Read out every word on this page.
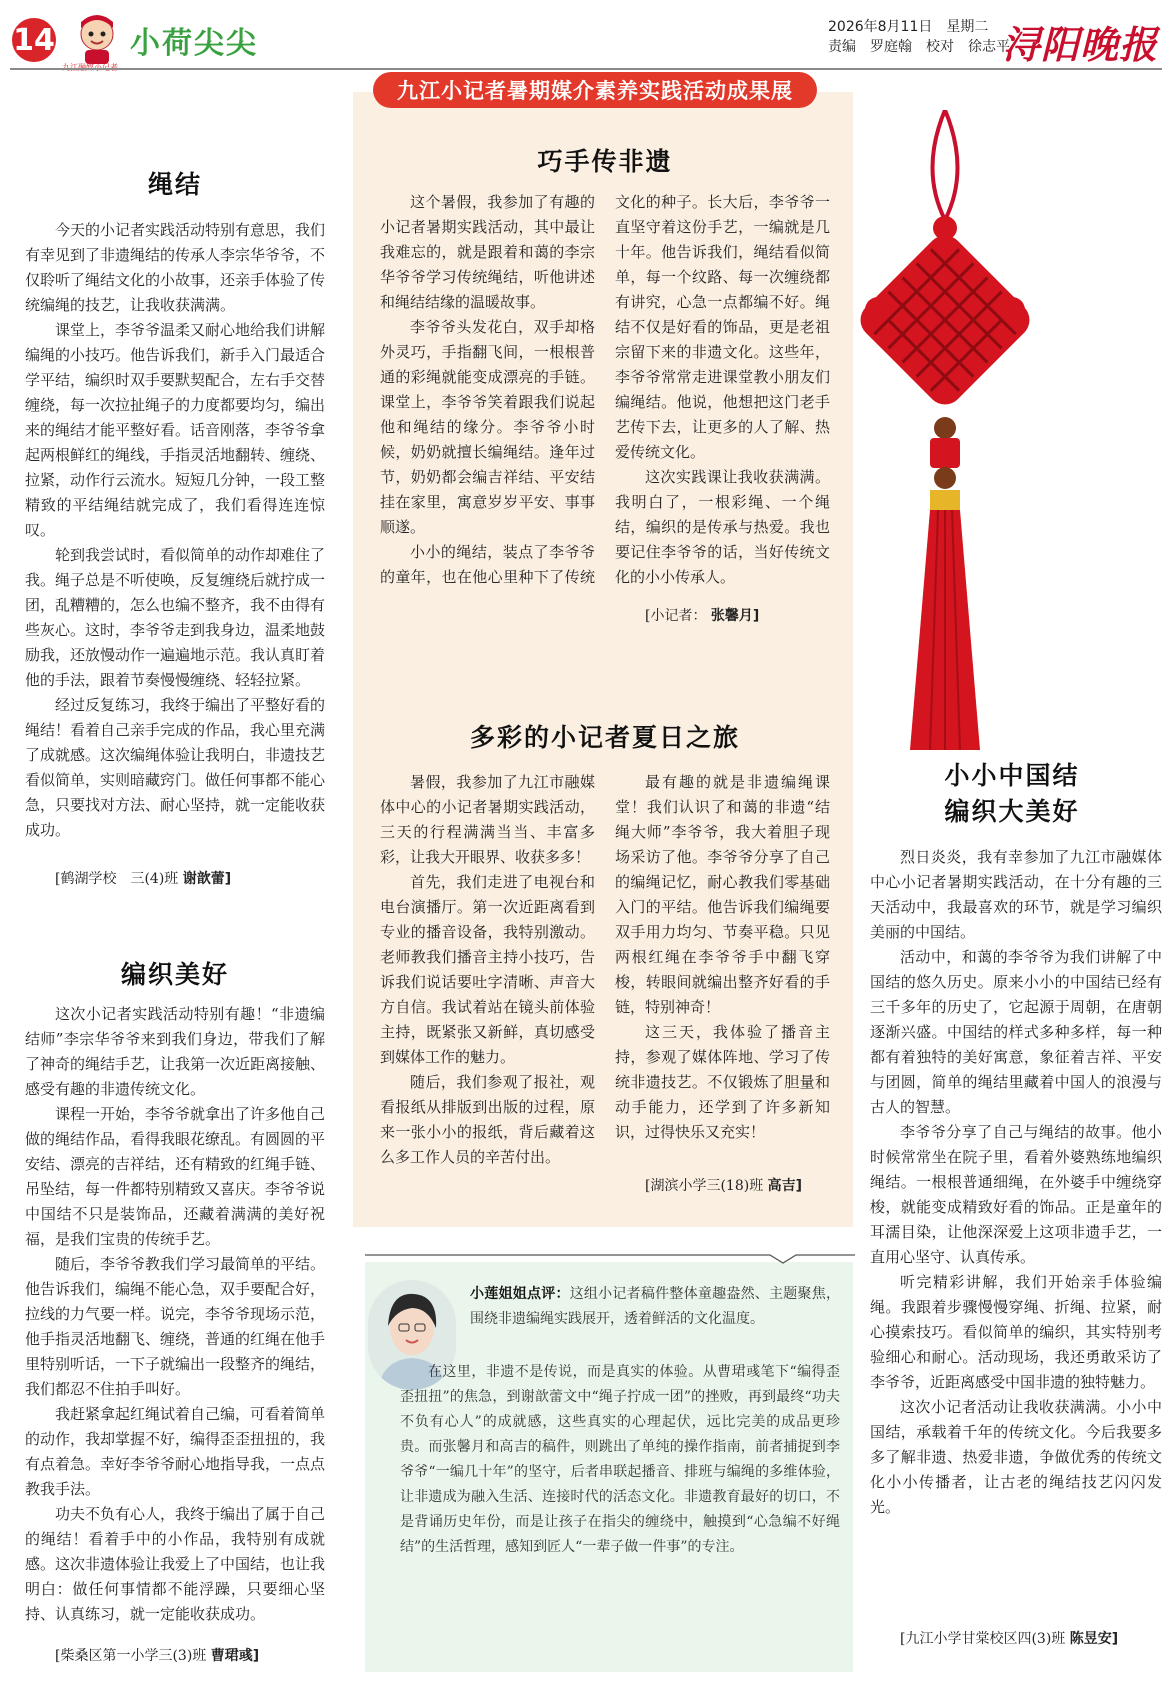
14	小荷尖尖	2026年8月11日　星期二
责编　罗庭翰　校对　徐志平
浔阳晚报
九江小记者暑期媒介素养实践活动成果展
绳结

今天的小记者实践活动特别有意思，我们有幸见到了非遗绳结的传承人李宗华爷爷，不仅聆听了绳结文化的小故事，还亲手体验了传统编绳的技艺，让我收获满满。

课堂上，李爷爷温柔又耐心地给我们讲解编绳的小技巧。他告诉我们，新手入门最适合学平结，编织时双手要默契配合，左右手交替缠绕，每一次拉扯绳子的力度都要均匀，编出来的绳结才能平整好看。话音刚落，李爷爷拿起两根鲜红的绳线，手指灵活地翻转、缠绕、拉紧，动作行云流水。短短几分钟，一段工整精致的平结绳结就完成了，我们看得连连惊叹。

轮到我尝试时，看似简单的动作却难住了我。绳子总是不听使唤，反复缠绕后就拧成一团，乱糟糟的，怎么也编不整齐，我不由得有些灰心。这时，李爷爷走到我身边，温柔地鼓励我，还放慢动作一遍遍地示范。我认真盯着他的手法，跟着节奏慢慢缠绕、轻轻拉紧。

经过反复练习，我终于编出了平整好看的绳结！看着自己亲手完成的作品，我心里充满了成就感。这次编绳体验让我明白，非遗技艺看似简单，实则暗藏窍门。做任何事都不能心急，只要找对方法、耐心坚持，就一定能收获成功。

[鹤湖学校　三(4)班 谢歆蕾]
编织美好

这次小记者实践活动特别有趣！“非遗编结师”李宗华爷爷来到我们身边，带我们了解了神奇的绳结手艺，让我第一次近距离接触、感受有趣的非遗传统文化。

课程一开始，李爷爷就拿出了许多他自己做的绳结作品，看得我眼花缭乱。有圆圆的平安结、漂亮的吉祥结，还有精致的红绳手链、吊坠结，每一件都特别精致又喜庆。李爷爷说中国结不只是装饰品，还藏着满满的美好祝福，是我们宝贵的传统手艺。

随后，李爷爷教我们学习最简单的平结。他告诉我们，编绳不能心急，双手要配合好，拉线的力气要一样。说完，李爷爷现场示范，他手指灵活地翻飞、缠绕，普通的红绳在他手里特别听话，一下子就编出一段整齐的绳结，我们都忍不住拍手叫好。

我赶紧拿起红绳试着自己编，可看着简单的动作，我却掌握不好，编得歪歪扭扭的，我有点着急。幸好李爷爷耐心地指导我，一点点教我手法。

功夫不负有心人，我终于编出了属于自己的绳结！看着手中的小作品，我特别有成就感。这次非遗体验让我爱上了中国结，也让我明白：做任何事情都不能浮躁，只要细心坚持、认真练习，就一定能收获成功。

[柴桑区第一小学三(3)班 曹珺彧]
巧手传非遗

这个暑假，我参加了有趣的小记者暑期实践活动，其中最让我难忘的，就是跟着和蔼的李宗华爷爷学习传统绳结，听他讲述和绳结结缘的温暖故事。

李爷爷头发花白，双手却格外灵巧，手指翻飞间，一根根普通的彩绳就能变成漂亮的手链。课堂上，李爷爷笑着跟我们说起他和绳结的缘分。李爷爷小时候，奶奶就擅长编绳结。逢年过节，奶奶都会编吉祥结、平安结挂在家里，寓意岁岁平安、事事顺遂。

小小的绳结，装点了李爷爷的童年，也在他心里种下了传统文化的种子。长大后，李爷爷一直坚守着这份手艺，一编就是几十年。他告诉我们，绳结看似简单，每一个纹路、每一次缠绕都有讲究，心急一点都编不好。绳结不仅是好看的饰品，更是老祖宗留下来的非遗文化。这些年，李爷爷常常走进课堂教小朋友们编绳结。他说，他想把这门老手艺传下去，让更多的人了解、热爱传统文化。

这次实践课让我收获满满。我明白了，一根彩绳、一个绳结，编织的是传承与热爱。我也要记住李爷爷的话，当好传统文化的小小传承人。

[小记者： 张馨月]
多彩的小记者夏日之旅

暑假，我参加了九江市融媒体中心的小记者暑期实践活动，三天的行程满满当当、丰富多彩，让我大开眼界、收获多多！

首先，我们走进了电视台和电台演播厅。第一次近距离看到专业的播音设备，我特别激动。老师教我们播音主持小技巧，告诉我们说话要吐字清晰、声音大方自信。我试着站在镜头前体验主持，既紧张又新鲜，真切感受到媒体工作的魅力。

随后，我们参观了报社，观看报纸从排版到出版的过程，原来一张小小的报纸，背后藏着这么多工作人员的辛苦付出。

最有趣的就是非遗编绳课堂！我们认识了和蔼的非遗“结绳大师”李爷爷，我大着胆子现场采访了他。李爷爷分享了自己的编绳记忆，耐心教我们零基础入门的平结。他告诉我们编绳要双手用力均匀、节奏平稳。只见两根红绳在李爷爷手中翻飞穿梭，转眼间就编出整齐好看的手链，特别神奇！

这三天，我体验了播音主持，参观了媒体阵地、学习了传统非遗技艺。不仅锻炼了胆量和动手能力，还学到了许多新知识，过得快乐又充实！

[湖滨小学三(18)班 高吉]
小莲姐姐点评：这组小记者稿件整体童趣盎然、主题聚焦，围绕非遗编绳实践展开，透着鲜活的文化温度。

在这里，非遗不是传说，而是真实的体验。从曹珺彧笔下“编得歪歪扭扭”的焦急，到谢歆蕾文中“绳子拧成一团”的挫败，再到最终“功夫不负有心人”的成就感，这些真实的心理起伏，远比完美的成品更珍贵。而张馨月和高吉的稿件，则跳出了单纯的操作指南，前者捕捉到李爷爷“一编几十年”的坚守，后者串联起播音、排班与编绳的多维体验，让非遗成为融入生活、连接时代的活态文化。非遗教育最好的切口，不是背诵历史年份，而是让孩子在指尖的缠绕中，触摸到“心急编不好绳结”的生活哲理，感知到匠人“一辈子做一件事”的专注。

小小中国结
编织大美好

烈日炎炎，我有幸参加了九江市融媒体中心小记者暑期实践活动，在十分有趣的三天活动中，我最喜欢的环节，就是学习编织美丽的中国结。

活动中，和蔼的李爷爷为我们讲解了中国结的悠久历史。原来小小的中国结已经有三千多年的历史了，它起源于周朝，在唐朝逐渐兴盛。中国结的样式多种多样，每一种都有着独特的美好寓意，象征着吉祥、平安与团圆，简单的绳结里藏着中国人的浪漫与古人的智慧。

李爷爷分享了自己与绳结的故事。他小时候常常坐在院子里，看着外婆熟练地编织绳结。一根根普通细绳，在外婆手中缠绕穿梭，就能变成精致好看的饰品。正是童年的耳濡目染，让他深深爱上这项非遗手艺，一直用心坚守、认真传承。

听完精彩讲解，我们开始亲手体验编绳。我跟着步骤慢慢穿绳、折绳、拉紧，耐心摸索技巧。看似简单的编织，其实特别考验细心和耐心。活动现场，我还勇敢采访了李爷爷，近距离感受中国非遗的独特魅力。

这次小记者活动让我收获满满。小小中国结，承载着千年的传统文化。今后我要多多了解非遗、热爱非遗，争做优秀的传统文化小小传播者，让古老的绳结技艺闪闪发光。

[九江小学甘棠校区四(3)班 陈昱安]
